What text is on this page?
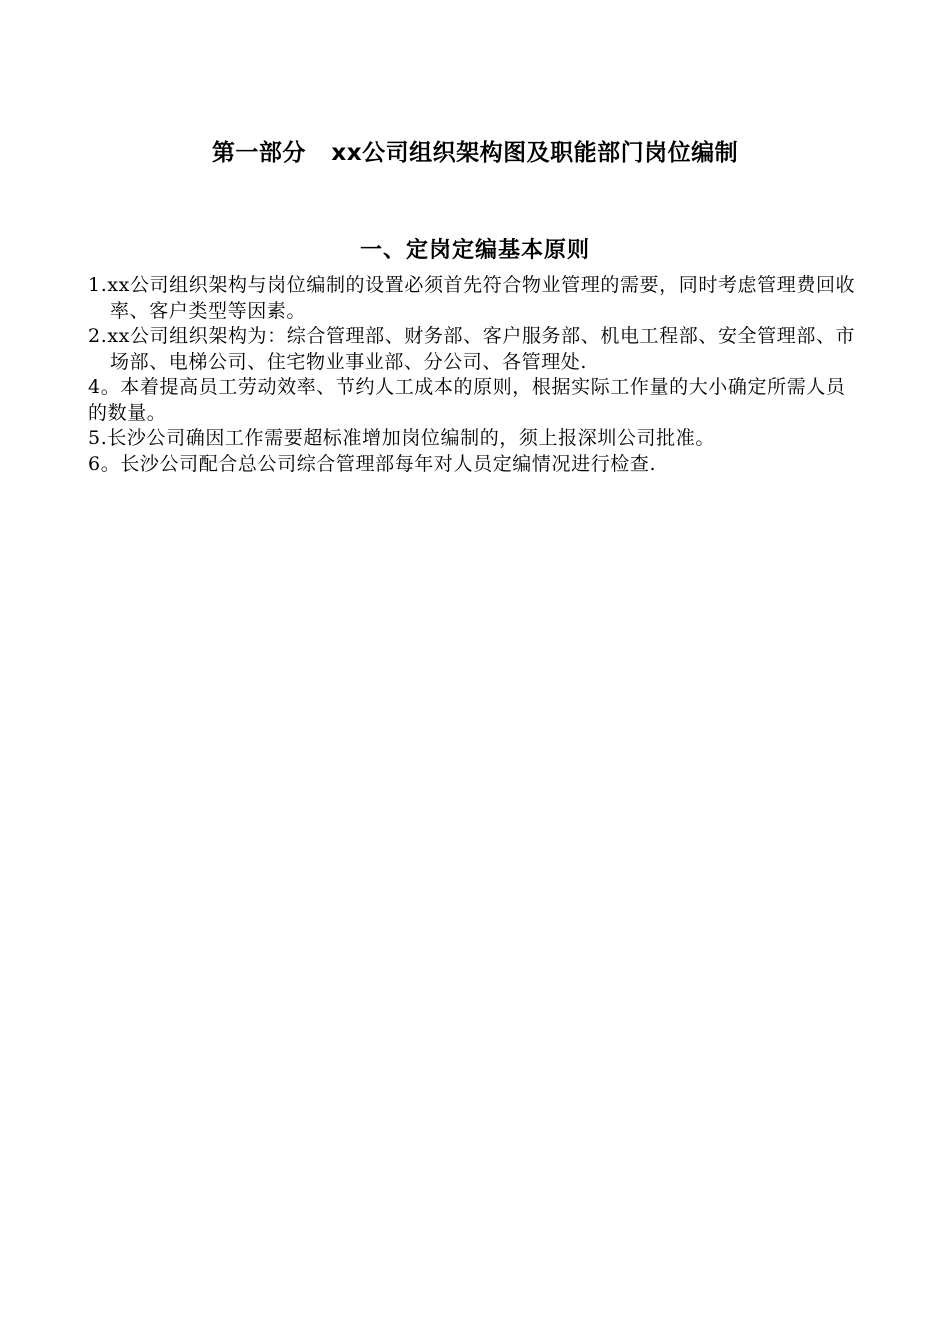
第一部分   xx公司组织架构图及职能部门岗位编制
一、定岗定编基本原则
1.xx公司组织架构与岗位编制的设置必须首先符合物业管理的需要，同时考虑管理费回收率、客户类型等因素。
2.xx公司组织架构为：综合管理部、财务部、客户服务部、机电工程部、安全管理部、市场部、电梯公司、住宅物业事业部、分公司、各管理处.
4。本着提高员工劳动效率、节约人工成本的原则，根据实际工作量的大小确定所需人员的数量。
5.长沙公司确因工作需要超标准增加岗位编制的，须上报深圳公司批准。
6。长沙公司配合总公司综合管理部每年对人员定编情况进行检查.
